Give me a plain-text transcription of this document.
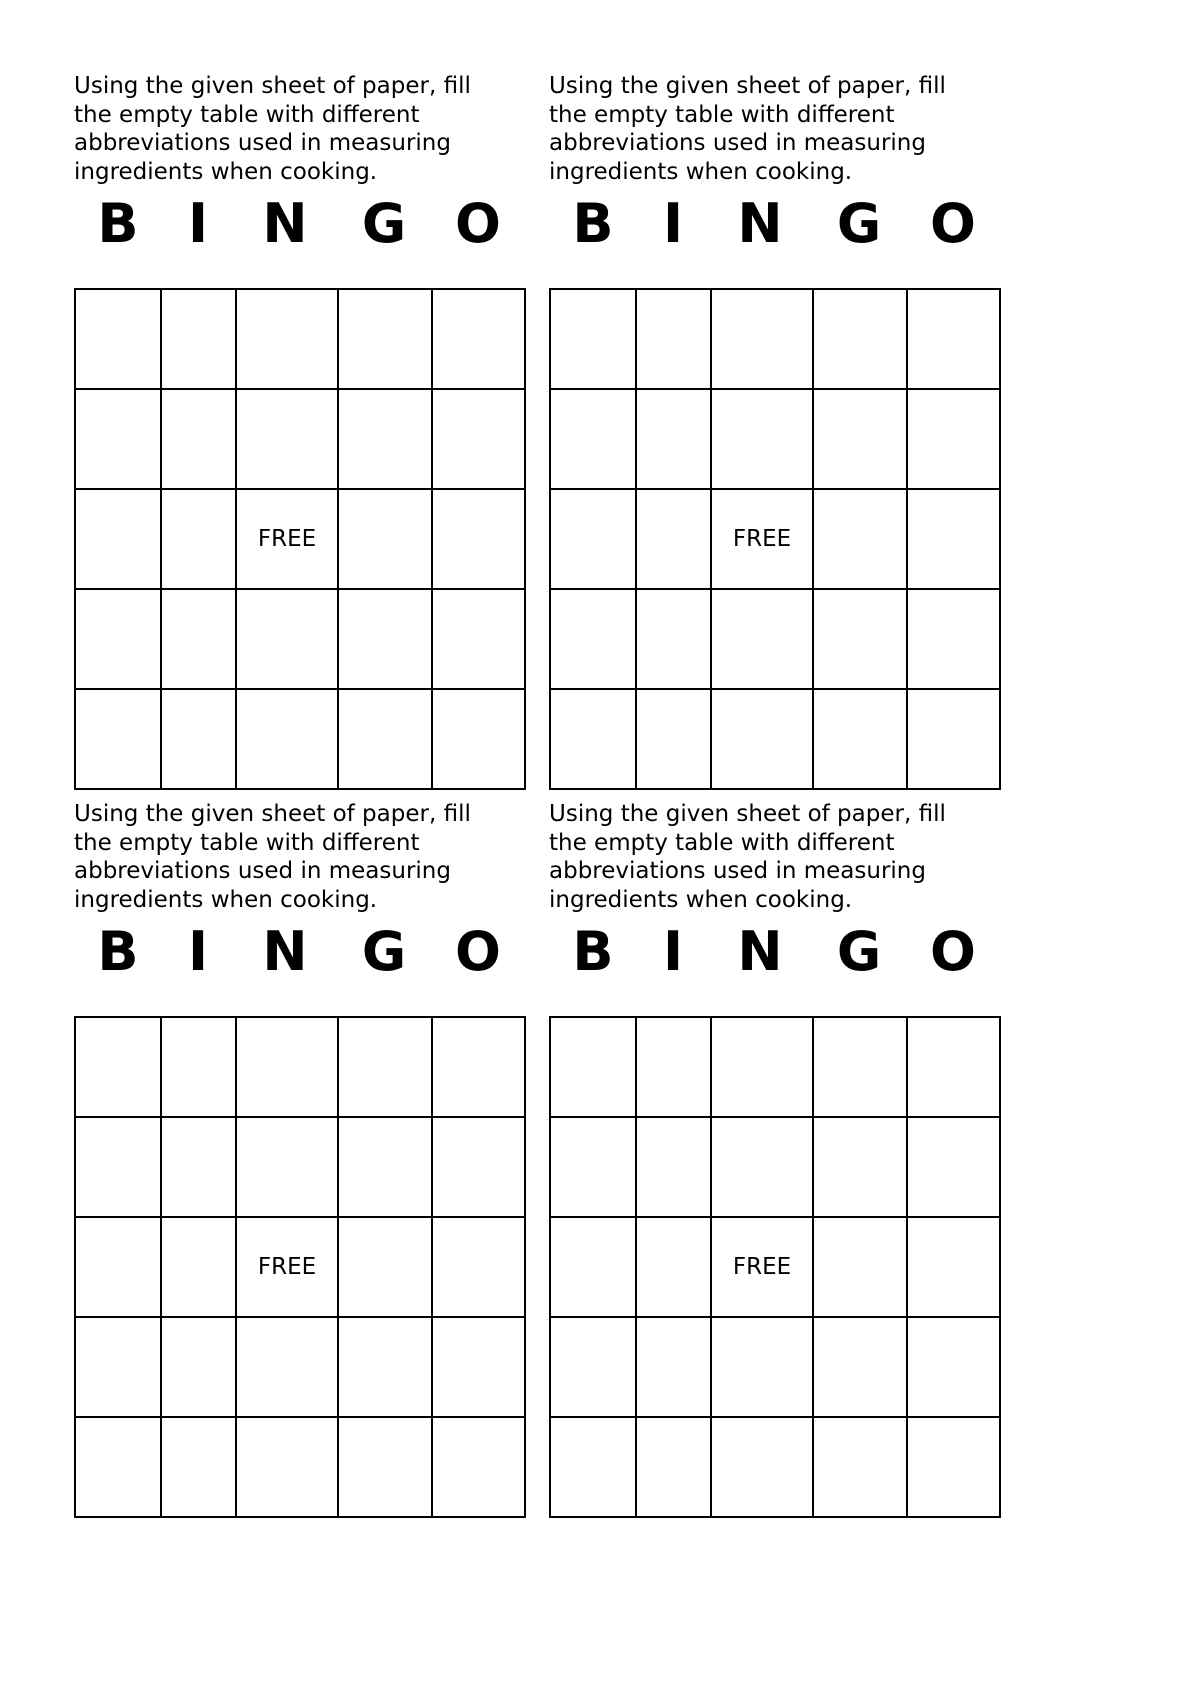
Using the given sheet of paper, fill the empty table with different abbreviations used in measuring ingredients when cooking.

B I N G O

		FREE		

Using the given sheet of paper, fill the empty table with different abbreviations used in measuring ingredients when cooking.

B I N G O

		FREE		

Using the given sheet of paper, fill the empty table with different abbreviations used in measuring ingredients when cooking.

B I N G O

		FREE		

Using the given sheet of paper, fill the empty table with different abbreviations used in measuring ingredients when cooking.

B I N G O

		FREE		
